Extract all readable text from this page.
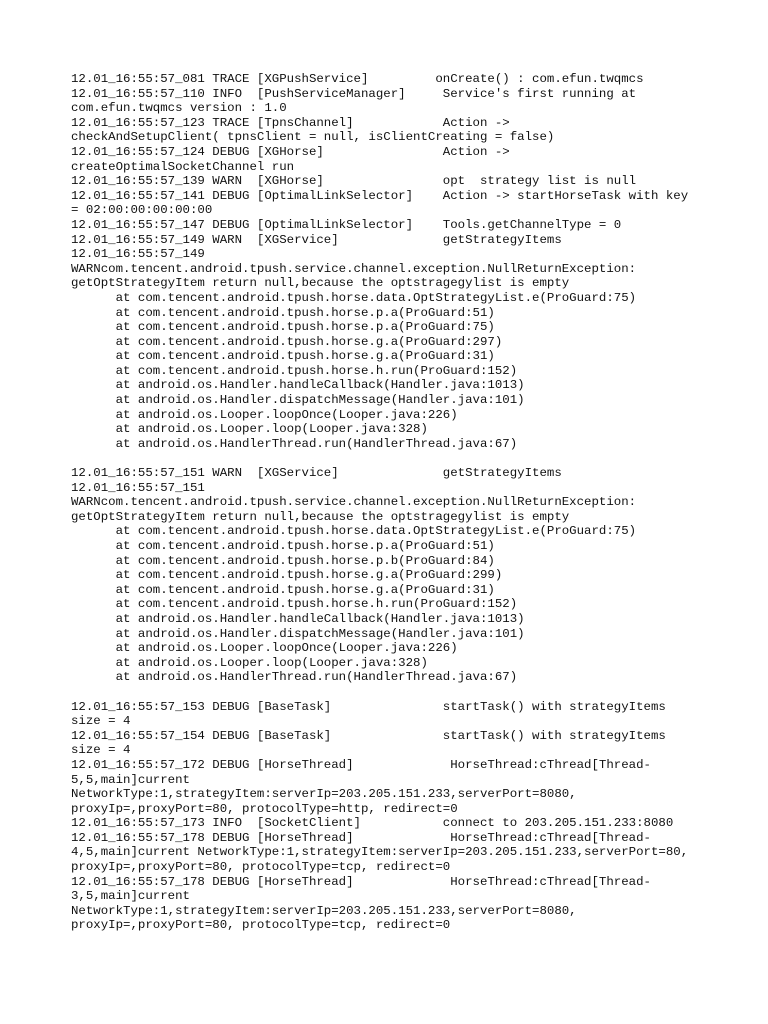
12.01_16:55:57_081 TRACE [XGPushService]         onCreate() : com.efun.twqmcs
12.01_16:55:57_110 INFO  [PushServiceManager]     Service's first running at
com.efun.twqmcs version : 1.0
12.01_16:55:57_123 TRACE [TpnsChannel]            Action ->
checkAndSetupClient( tpnsClient = null, isClientCreating = false)
12.01_16:55:57_124 DEBUG [XGHorse]                Action ->
createOptimalSocketChannel run
12.01_16:55:57_139 WARN  [XGHorse]                opt  strategy list is null
12.01_16:55:57_141 DEBUG [OptimalLinkSelector]    Action -> startHorseTask with key
= 02:00:00:00:00:00
12.01_16:55:57_147 DEBUG [OptimalLinkSelector]    Tools.getChannelType = 0
12.01_16:55:57_149 WARN  [XGService]              getStrategyItems
12.01_16:55:57_149
WARNcom.tencent.android.tpush.service.channel.exception.NullReturnException:
getOptStrategyItem return null,because the optstragegylist is empty
at com.tencent.android.tpush.horse.data.OptStrategyList.e(ProGuard:75)
at com.tencent.android.tpush.horse.p.a(ProGuard:51)
at com.tencent.android.tpush.horse.p.a(ProGuard:75)
at com.tencent.android.tpush.horse.g.a(ProGuard:297)
at com.tencent.android.tpush.horse.g.a(ProGuard:31)
at com.tencent.android.tpush.horse.h.run(ProGuard:152)
at android.os.Handler.handleCallback(Handler.java:1013)
at android.os.Handler.dispatchMessage(Handler.java:101)
at android.os.Looper.loopOnce(Looper.java:226)
at android.os.Looper.loop(Looper.java:328)
at android.os.HandlerThread.run(HandlerThread.java:67)
12.01_16:55:57_151 WARN  [XGService]              getStrategyItems
12.01_16:55:57_151
WARNcom.tencent.android.tpush.service.channel.exception.NullReturnException:
getOptStrategyItem return null,because the optstragegylist is empty
at com.tencent.android.tpush.horse.data.OptStrategyList.e(ProGuard:75)
at com.tencent.android.tpush.horse.p.a(ProGuard:51)
at com.tencent.android.tpush.horse.p.b(ProGuard:84)
at com.tencent.android.tpush.horse.g.a(ProGuard:299)
at com.tencent.android.tpush.horse.g.a(ProGuard:31)
at com.tencent.android.tpush.horse.h.run(ProGuard:152)
at android.os.Handler.handleCallback(Handler.java:1013)
at android.os.Handler.dispatchMessage(Handler.java:101)
at android.os.Looper.loopOnce(Looper.java:226)
at android.os.Looper.loop(Looper.java:328)
at android.os.HandlerThread.run(HandlerThread.java:67)
12.01_16:55:57_153 DEBUG [BaseTask]               startTask() with strategyItems
size = 4
12.01_16:55:57_154 DEBUG [BaseTask]               startTask() with strategyItems
size = 4
12.01_16:55:57_172 DEBUG [HorseThread]             HorseThread:cThread[Thread-
5,5,main]current
NetworkType:1,strategyItem:serverIp=203.205.151.233,serverPort=8080,
proxyIp=,proxyPort=80, protocolType=http, redirect=0
12.01_16:55:57_173 INFO  [SocketClient]           connect to 203.205.151.233:8080
12.01_16:55:57_178 DEBUG [HorseThread]             HorseThread:cThread[Thread-
4,5,main]current NetworkType:1,strategyItem:serverIp=203.205.151.233,serverPort=80,
proxyIp=,proxyPort=80, protocolType=tcp, redirect=0
12.01_16:55:57_178 DEBUG [HorseThread]             HorseThread:cThread[Thread-
3,5,main]current
NetworkType:1,strategyItem:serverIp=203.205.151.233,serverPort=8080,
proxyIp=,proxyPort=80, protocolType=tcp, redirect=0
